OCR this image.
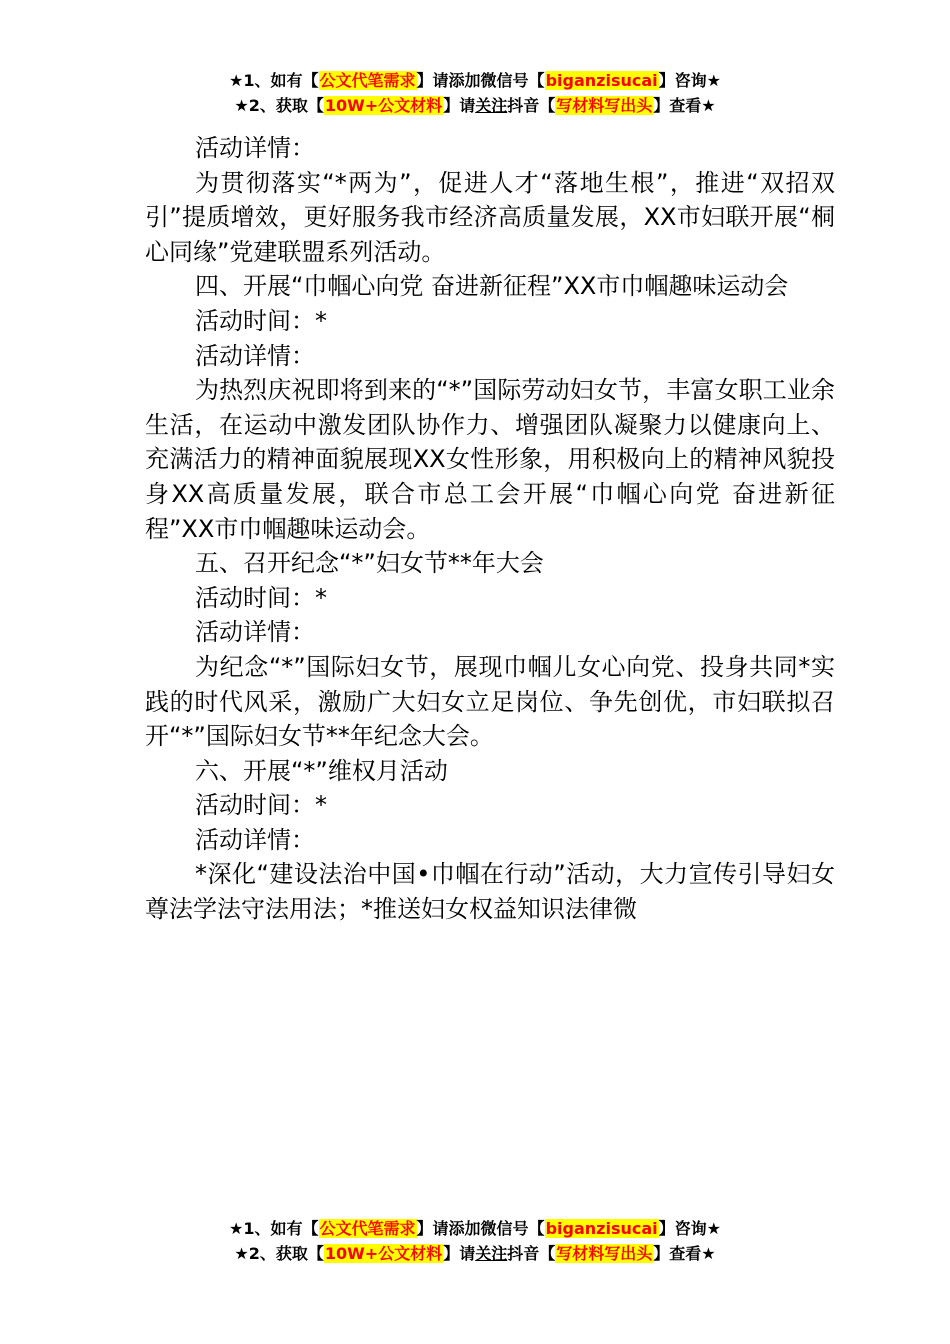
★1、如有【公文代笔需求】请添加微信号【biganzisucai】咨询★
★2、获取【10W+公文材料】请关注抖音【写材料写出头】查看★

活动详情：

为贯彻落实“*两为”，促进人才“落地生根”，推进“双招双引”提质增效，更好服务我市经济高质量发展，XX市妇联开展“桐心同缘”党建联盟系列活动。

四、开展“巾帼心向党 奋进新征程”XX市巾帼趣味运动会

活动时间：*

活动详情：

为热烈庆祝即将到来的“*”国际劳动妇女节，丰富女职工业余生活，在运动中激发团队协作力、增强团队凝聚力以健康向上、充满活力的精神面貌展现XX女性形象，用积极向上的精神风貌投身XX高质量发展，联合市总工会开展“巾帼心向党 奋进新征程”XX市巾帼趣味运动会。

五、召开纪念“*”妇女节**年大会

活动时间：*

活动详情：

为纪念“*”国际妇女节，展现巾帼儿女心向党、投身共同*实践的时代风采，激励广大妇女立足岗位、争先创优，市妇联拟召开“*”国际妇女节**年纪念大会。

六、开展“*”维权月活动

活动时间：*

活动详情：

*深化“建设法治中国•巾帼在行动”活动，大力宣传引导妇女尊法学法守法用法；*推送妇女权益知识法律微

★1、如有【公文代笔需求】请添加微信号【biganzisucai】咨询★
★2、获取【10W+公文材料】请关注抖音【写材料写出头】查看★
